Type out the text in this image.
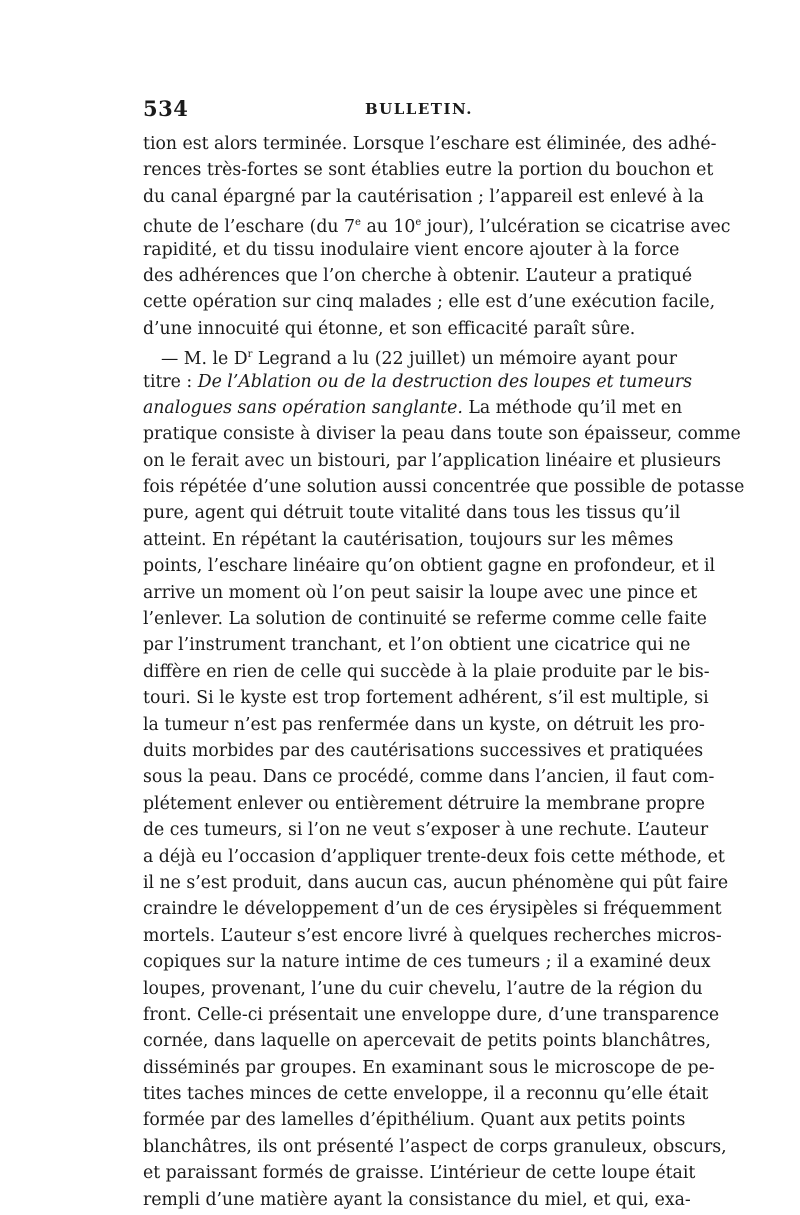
534	BULLETIN.
tion est alors terminée. Lorsque l’eschare est éliminée, des adhé-
rences très-fortes se sont établies eutre la portion du bouchon et
du canal épargné par la cautérisation ; l’appareil est enlevé à la
chute de l’eschare (du 7e au 10e jour), l’ulcération se cicatrise avec
rapidité, et du tissu inodulaire vient encore ajouter à la force
des adhérences que l’on cherche à obtenir. L’auteur a pratiqué
cette opération sur cinq malades ; elle est d’une exécution facile,
d’une innocuité qui étonne, et son efficacité paraît sûre.
— M. le $D^r$ Legrand a lu (22 juillet) un mémoire ayant pour
titre : De l’Ablation ou de la destruction des loupes et tumeurs
analogues sans opération sanglante. La méthode qu’il met en
pratique consiste à diviser la peau dans toute son épaisseur, comme
on le ferait avec un bistouri, par l’application linéaire et plusieurs
fois répétée d’une solution aussi concentrée que possible de potasse
pure, agent qui détruit toute vitalité dans tous les tissus qu’il
atteint. En répétant la cautérisation, toujours sur les mêmes
points, l’eschare linéaire qu’on obtient gagne en profondeur, et il
arrive un moment où l’on peut saisir la loupe avec une pince et
l’enlever. La solution de continuité se referme comme celle faite
par l’instrument tranchant, et l’on obtient une cicatrice qui ne
diffère en rien de celle qui succède à la plaie produite par le bis-
touri. Si le kyste est trop fortement adhérent, s’il est multiple, si
la tumeur n’est pas renfermée dans un kyste, on détruit les pro-
duits morbides par des cautérisations successives et pratiquées
sous la peau. Dans ce procédé, comme dans l’ancien, il faut com-
plétement enlever ou entièrement détruire la membrane propre
de ces tumeurs, si l’on ne veut s’exposer à une rechute. L’auteur
a déjà eu l’occasion d’appliquer trente-deux fois cette méthode, et
il ne s’est produit, dans aucun cas, aucun phénomène qui pût faire
craindre le développement d’un de ces érysipèles si fréquemment
mortels. L’auteur s’est encore livré à quelques recherches micros-
copiques sur la nature intime de ces tumeurs ; il a examiné deux
loupes, provenant, l’une du cuir chevelu, l’autre de la région du
front. Celle-ci présentait une enveloppe dure, d’une transparence
cornée, dans laquelle on apercevait de petits points blanchâtres,
disséminés par groupes. En examinant sous le microscope de pe-
tites taches minces de cette enveloppe, il a reconnu qu’elle était
formée par des lamelles d’épithélium. Quant aux petits points
blanchâtres, ils ont présenté l’aspect de corps granuleux, obscurs,
et paraissant formés de graisse. L’intérieur de cette loupe était
rempli d’une matière ayant la consistance du miel, et qui, exa-
